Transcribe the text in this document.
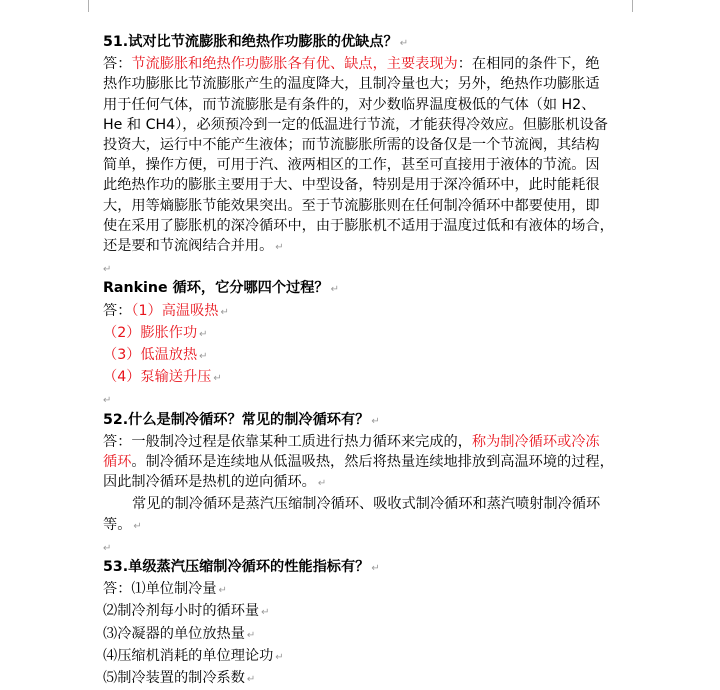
51.试对比节流膨胀和绝热作功膨胀的优缺点？ ↵
答：节流膨胀和绝热作功膨胀各有优、缺点，主要表现为：在相同的条件下，绝
热作功膨胀比节流膨胀产生的温度降大，且制冷量也大；另外，绝热作功膨胀适
用于任何气体，而节流膨胀是有条件的，对少数临界温度极低的气体（如 H2、
He 和 CH4），必须预冷到一定的低温进行节流，才能获得冷效应。但膨胀机设备
投资大，运行中不能产生液体；而节流膨胀所需的设备仅是一个节流阀，其结构
简单，操作方便，可用于汽、液两相区的工作，甚至可直接用于液体的节流。因
此绝热作功的膨胀主要用于大、中型设备，特别是用于深冷循环中，此时能耗很
大，用等熵膨胀节能效果突出。至于节流膨胀则在任何制冷循环中都要使用，即
使在采用了膨胀机的深冷循环中，由于膨胀机不适用于温度过低和有液体的场合，
还是要和节流阀结合并用。 ↵
↵
Rankine 循环，它分哪四个过程？ ↵
答：（1）高温吸热 ↵
（2）膨胀作功 ↵
（3）低温放热 ↵
（4）泵输送升压 ↵
↵
52.什么是制冷循环？常见的制冷循环有？ ↵
答：一般制冷过程是依靠某种工质进行热力循环来完成的，称为制冷循环或冷冻
循环。制冷循环是连续地从低温吸热，然后将热量连续地排放到高温环境的过程，
因此制冷循环是热机的逆向循环。 ↵
常见的制冷循环是蒸汽压缩制冷循环、吸收式制冷循环和蒸汽喷射制冷循环
等。 ↵
↵
53.单级蒸汽压缩制冷循环的性能指标有？ ↵
答：⑴单位制冷量 ↵
⑵制冷剂每小时的循环量 ↵
⑶冷凝器的单位放热量 ↵
⑷压缩机消耗的单位理论功 ↵
⑸制冷装置的制冷系数 ↵
